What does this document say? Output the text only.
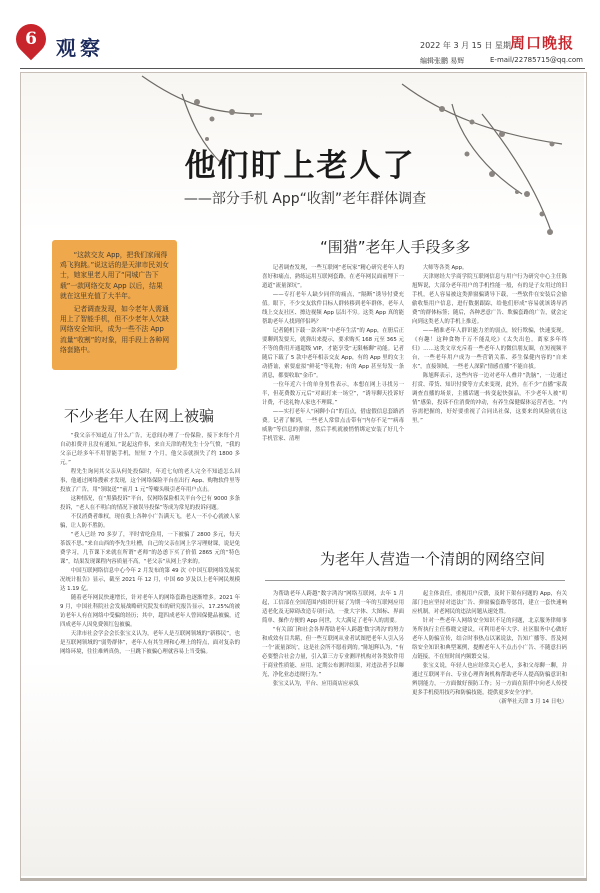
6 观察	2022 年 3 月 15 日 星期二
编辑张鹏 易辉	E-mail/22785715@qq.com
周口晚报
他们盯上老人了
——部分手机 App“收割”老年群体调查

“这款交友 App，把我们家闹得鸡飞狗跳。”说这话的是天津市民刘女士，她家里老人用了“同城广告下载”一款网络交友 App 以后，结果就在这里充值了大半年。

记者调查发现，如今老年人需通用上了智能手机，但不少老年人欠缺网络安全知识，成为一些不法 App 流量“收割”的对象，用手段上各种网络套路中。

不少老年人在网上被骗
“围猎”老年人手段多多
为老年人营造一个清朗的网络空间

“我父亲不知道点了什么广告，无意间办理了一份保险，接下来每个月自动扣费并且没有通知。”说起这件事，来自天津的程先生十分气愤，“我的父亲已经多年不用智能手机，短短 7 个月，他父亲就损失了约 1800 多元。”

程先生询问其父亲从何处投保时，年近七旬的老人完全不知道怎么回事，他通过网络搜索才发现，这个网络保险平台在出行 App、购物软件里等投放了广告，用“领取送”“前月 1 元”等噱头吸引老年用户点击。

这种情况，在“黑猫投诉”平台，仅网络保险相关平台今已有 9000 多条投诉，“老人在不明白的情况下被误导投保”等成为常见的投诉问题。

不仅消费者维权，现在我上各种小广告满天飞，老人一不小心就被人家骗，让人防不胜防。

“老人已经 70 多岁了，平时省吃俭用，一下被骗了 2800 多元，每天茶饭不思。”来自山西的李先生吐槽，自己的父亲在网上学习理财课，说是免费学习，几节课下来就在所谓“老师”的怂恿下买了价值 2865 元的“特色课”，结果发现课程内容质量不高，“老父亲”从网上学来的。

中国互联网络信息中心今年 2 月发布的第 49 次《中国互联网络发展状况统计报告》显示，截至 2021 年 12 月，中国 60 岁及以上老年网民规模达 1.19 亿。

随着老年网民快速增长，针对老年人的网络套路也逐渐增多。2021 年 9 月，中国社科院社会发展战略研究院发布的研究报告显示，17.25%的被访老年人有在网络中受骗的经历；其中，超四成老年人曾因保健品被骗，近四成老年人因免费领红包被骗。

天津市社会学会会长张宝义认为，老年人是互联网领域的“新移民”，也是互联网领域的“弱势群体”，老年人有其生理和心理上的特点，面对复杂的网络环境，往往难辨真伪，一旦跳下被骗心理就容易上当受骗。

记者调查发现，一些互联网“老玩家”精心研究老年人的喜好和痛点，熟练运用互联网套路，在老年网民面前埋下一道道“流量深坑”。

——专打老年人缺少同伴的痛点，“隔断”诱导付费充值。眼下，不少交友软件目标人群转移到老年群体，老年人线上交友社区、擦边视频 App 层出不穷。这类 App 真的能帮助老年人找到伴侣吗？

记者随机下载一款名叫“中老年生活”的 App，在册后正要聊到发要天，就弹出来提示，要求购买 168 元至 365 元不等的费用开通超级 VIP，才能享受“无限畅聊”功能。记者随后下载了 5 款中老年相亲交友 App，有的 App 里的女主动搭讪，索要虚拟“鲜花”等礼物；有的 App 甚至每发一条消息，都要收取“金币”。

一位年近六十的单身男性表示，本想在网上寻找另一半，但花费数万元后“对面打来一场空”，“诱导聊天投诉好计费，不送礼物人家也不理睬。”

——实打老年人“闲聊小白”的盲点，借虚假信息套路消费。记者了解到，一些老人常常点击带有“内存不足”“病毒威胁”等信息的弹窗，然后手机就被悄悄绑定安装了好几个手机管家、清理

大师等各类 App。

天津财经大学商学院互联网信息与用户行为研究中心主任陈旭辉说，大部分老年用户的手机性能一般，有的是子女用过的旧手机，老人容易被这类弹窗骗诱导下载，一些软件在安装后会偷偷收集用户信息，进行数据跟踪，给他们形成“容易就该诱导消费”的群体标签；随后，各种恶意广告、欺骗套路的广告，就会定向到这类老人的手机上推送。

——精准老年人群识能力差的弱点，较行欺骗，快速变现。《有趣！这种食物千万不能乱吃》《太失出色，离家多年终归》……这类文章充斥着一些老年人的微信朋友圈，在短视频平台，一些老年用户成为一些营销关系、养生保健内容的“自来水”，直接领域，一些老人深陷“情感直播”不能自拔。

陈旭辉表示，这些内容一边对老年人叠并“洗脑”，一边通过打赏、带货、知识付费等方式来变现，此外，在不少“直播”家裁调查直播的场景，主播话题一转变起快强品，不少老年人被“叨情”感染，投诉不住消费的冲动，有养生保健媒体运营者也，“内容需把握的，好好要重视了合同出社保，这要来的风险就在这里。”

为帮助老年人跨越“数字鸿沟”网络互联网，去年 1 月起，工信部在全国范围内组织开展了为期一年的互联网应用适老化及无障碍改造专项行动，一批大字体、大图标、界面简单、操作方便的 App 问世，大大满足了老年人的需要。

“有关部门和社会各界帮助老年人跨越‘数字鸿沟’的努力和成效有目共睹，但一些互联网从业者试图把老年人引入另一个‘流量深坑’，这是社会所不愿看到的。”陈旭辉认为，“有必要整合社会力量，引入第三方专业测评机构对各类软件用于商业性质能、应用、定期公布测评结果，对违法者予以曝光，净化业态违规行为。”

张宝义认为，平台、应用商店应承负

起主体责任，重视用户反馈，及时下架有问题的 App，有关部门也应坚持对违法广告、弹窗骗套路等惩罚，建立一套快速响应机制，对老网民的违法问题从速处置。

针对一些老年人网络安全知识不足的问题，北京服务律师事务所执行主任蔡晓文建议，可利用老年大学、社区服务中心做好老年人防骗宣传，结合时事热点以案说法，告知广播等、普及网络安全知识和典型案例，提醒老年人不点击小广告、不随意扫码点链接，不在短时间内频繁交易。

张宝义说，年轻人也应经常关心老人，多和父母聊一聊，并通过互联网平台、专业心理咨询机构帮助老年人提高防骗意识和辨别能力，一方面做好预防工作；另一方面在陪伴中向老人传授更多手机使用技巧和防骗技能，提供更多安全守护。

（新华社天津 3 月 14 日电）
